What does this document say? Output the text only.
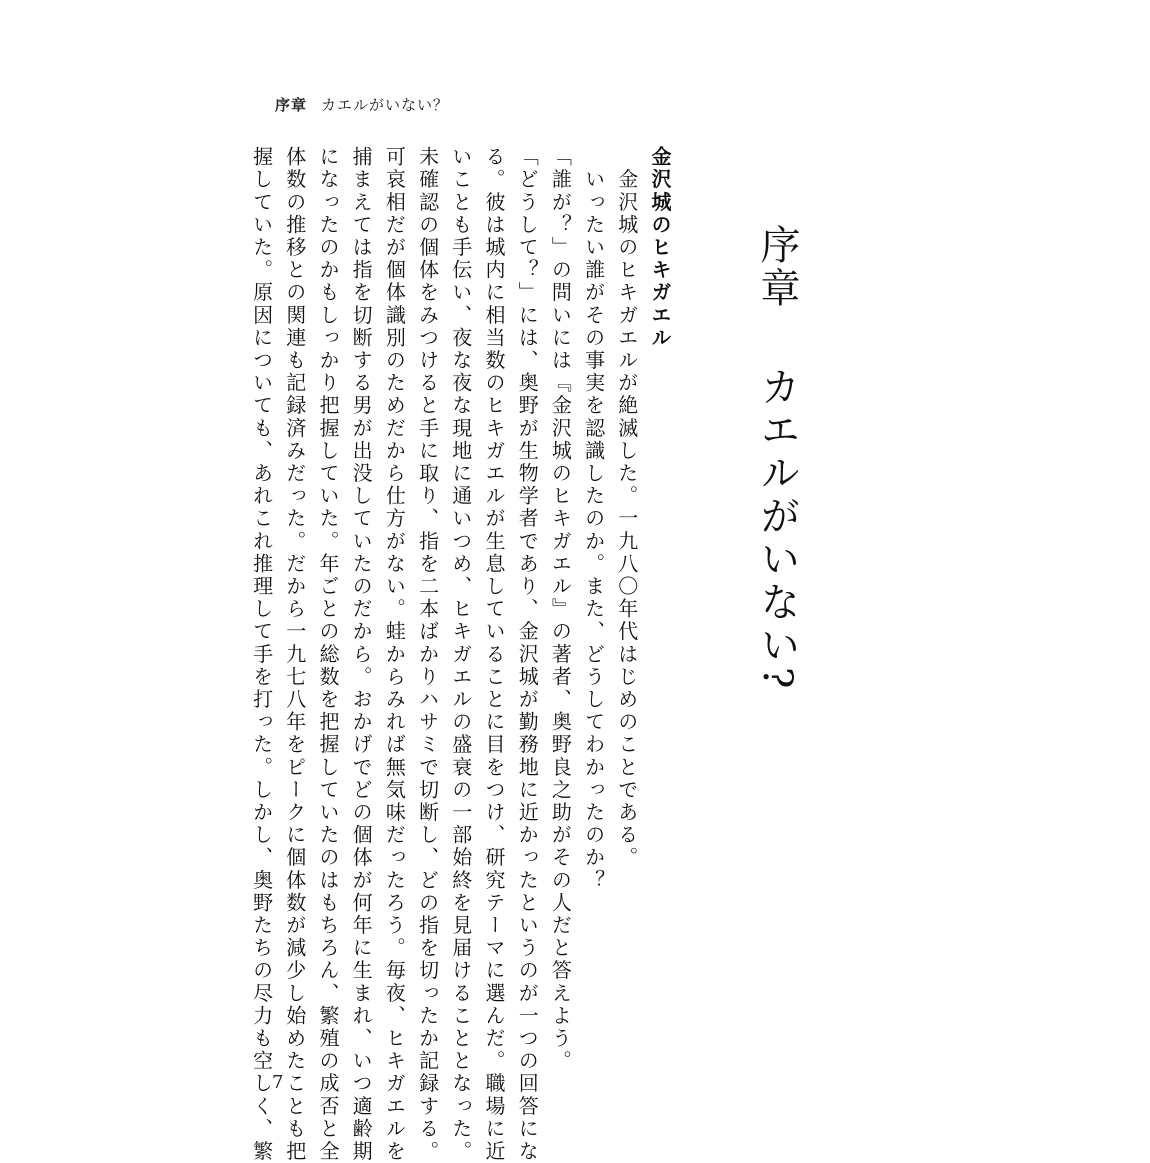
序章 カエルがいない？
序章カエルがいない?

金沢城のヒキガエル

　金沢城のヒキガエルが絶滅した。一九八〇年代はじめのことである。

　いったい誰がその事実を認識したのか。また、どうしてわかったのか？

「誰が？」の問いには『金沢城のヒキガエル』の著者、奥野良之助がその人だと答えよう。

「どうして？」には、奥野が生物学者であり、金沢城が勤務地に近かったというのが一つの回答にな

る。彼は城内に相当数のヒキガエルが生息していることに目をつけ、研究テーマに選んだ。職場に近

いことも手伝い、夜な夜な現地に通いつめ、ヒキガエルの盛衰の一部始終を見届けることとなった。

未確認の個体をみつけると手に取り、指を二本ばかりハサミで切断し、どの指を切ったか記録する。

可哀相だが個体識別のためだから仕方がない。蛙からみれば無気味だったろう。毎夜、ヒキガエルを

捕まえては指を切断する男が出没していたのだから。おかげでどの個体が何年に生まれ、いつ適齢期

になったのかもしっかり把握していた。年ごとの総数を把握していたのはもちろん、繁殖の成否と全

体数の推移との関連も記録済みだった。だから一九七八年をピークに個体数が減少し始めたことも把

握していた。原因についても、あれこれ推理して手を打った。しかし、奥野たちの尽力も空しく、繁

7
